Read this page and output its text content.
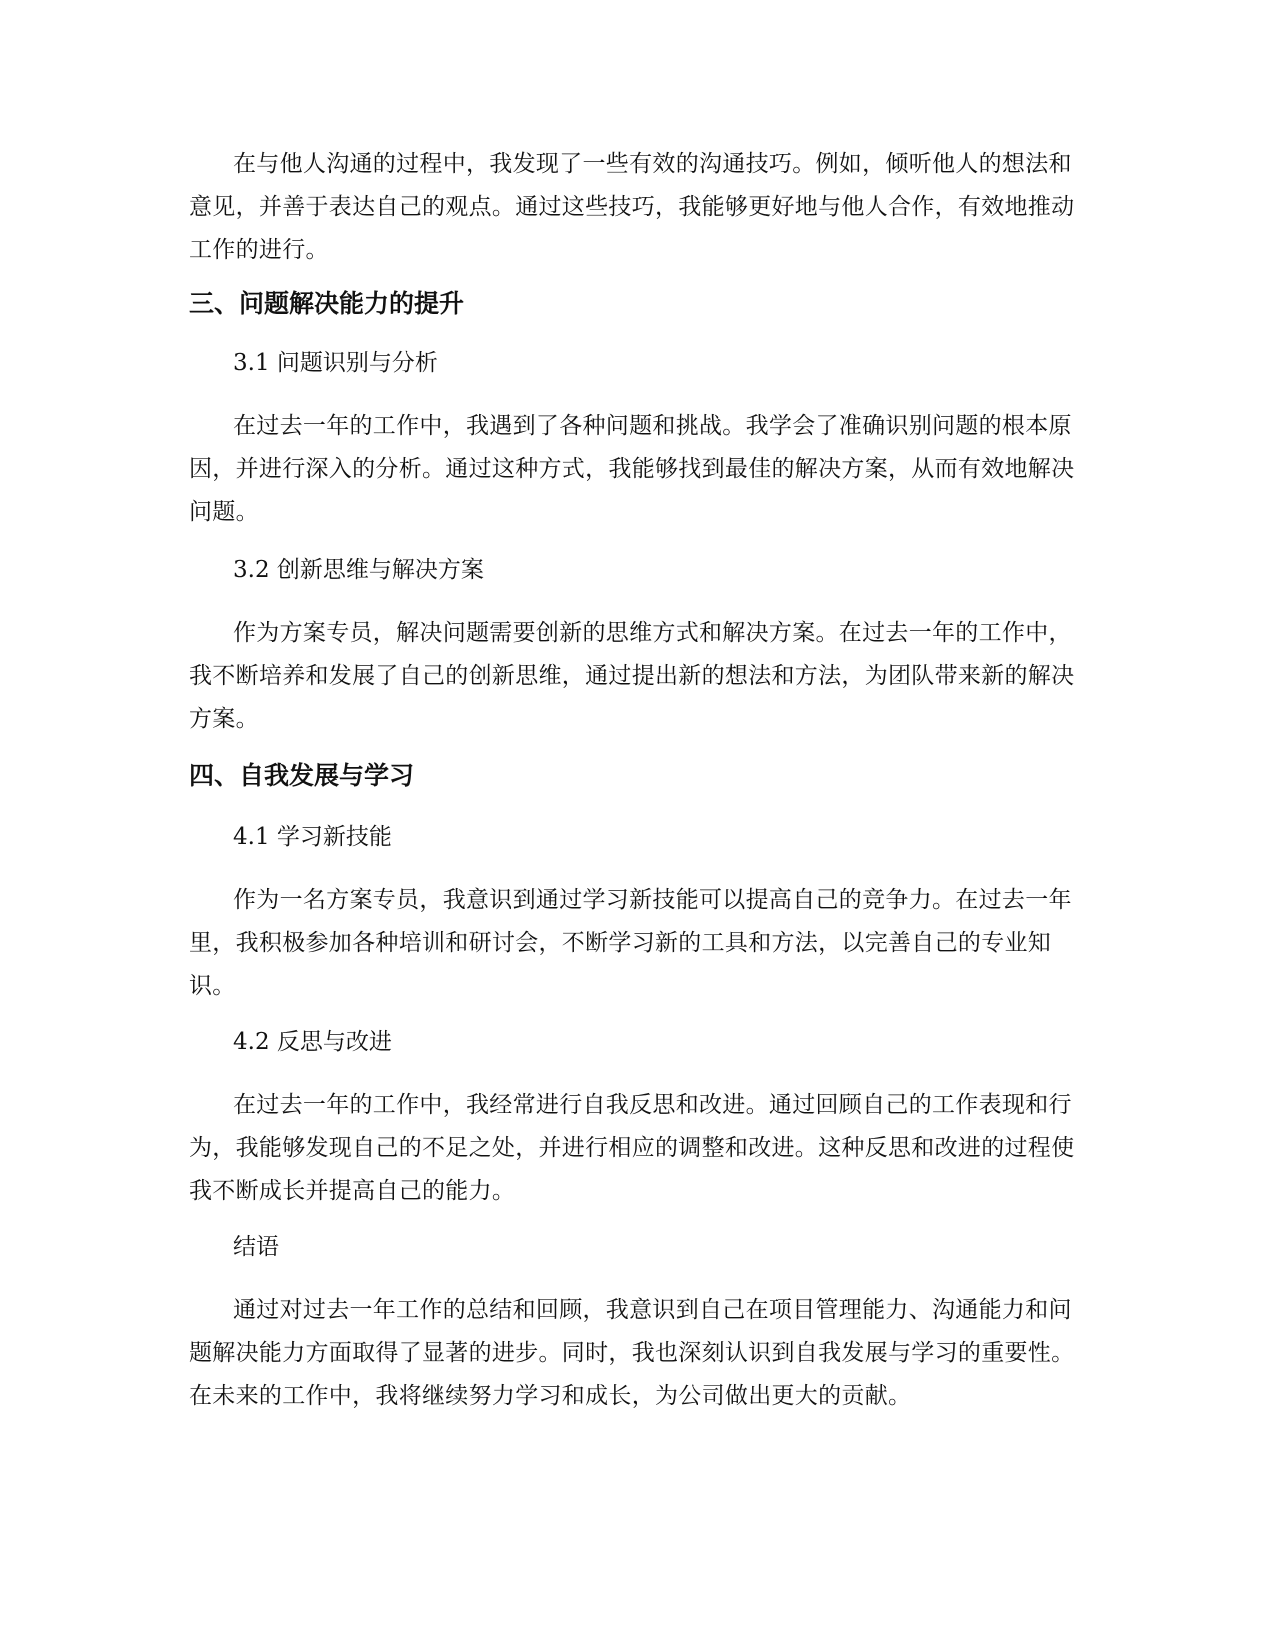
在与他人沟通的过程中，我发现了一些有效的沟通技巧。例如，倾听他人的想法和意见，并善于表达自己的观点。通过这些技巧，我能够更好地与他人合作，有效地推动工作的进行。

三、问题解决能力的提升

3.1 问题识别与分析

在过去一年的工作中，我遇到了各种问题和挑战。我学会了准确识别问题的根本原因，并进行深入的分析。通过这种方式，我能够找到最佳的解决方案，从而有效地解决问题。

3.2 创新思维与解决方案

作为方案专员，解决问题需要创新的思维方式和解决方案。在过去一年的工作中，我不断培养和发展了自己的创新思维，通过提出新的想法和方法，为团队带来新的解决方案。

四、自我发展与学习

4.1 学习新技能

作为一名方案专员，我意识到通过学习新技能可以提高自己的竞争力。在过去一年里，我积极参加各种培训和研讨会，不断学习新的工具和方法，以完善自己的专业知识。

4.2 反思与改进

在过去一年的工作中，我经常进行自我反思和改进。通过回顾自己的工作表现和行为，我能够发现自己的不足之处，并进行相应的调整和改进。这种反思和改进的过程使我不断成长并提高自己的能力。

结语

通过对过去一年工作的总结和回顾，我意识到自己在项目管理能力、沟通能力和问题解决能力方面取得了显著的进步。同时，我也深刻认识到自我发展与学习的重要性。在未来的工作中，我将继续努力学习和成长，为公司做出更大的贡献。
